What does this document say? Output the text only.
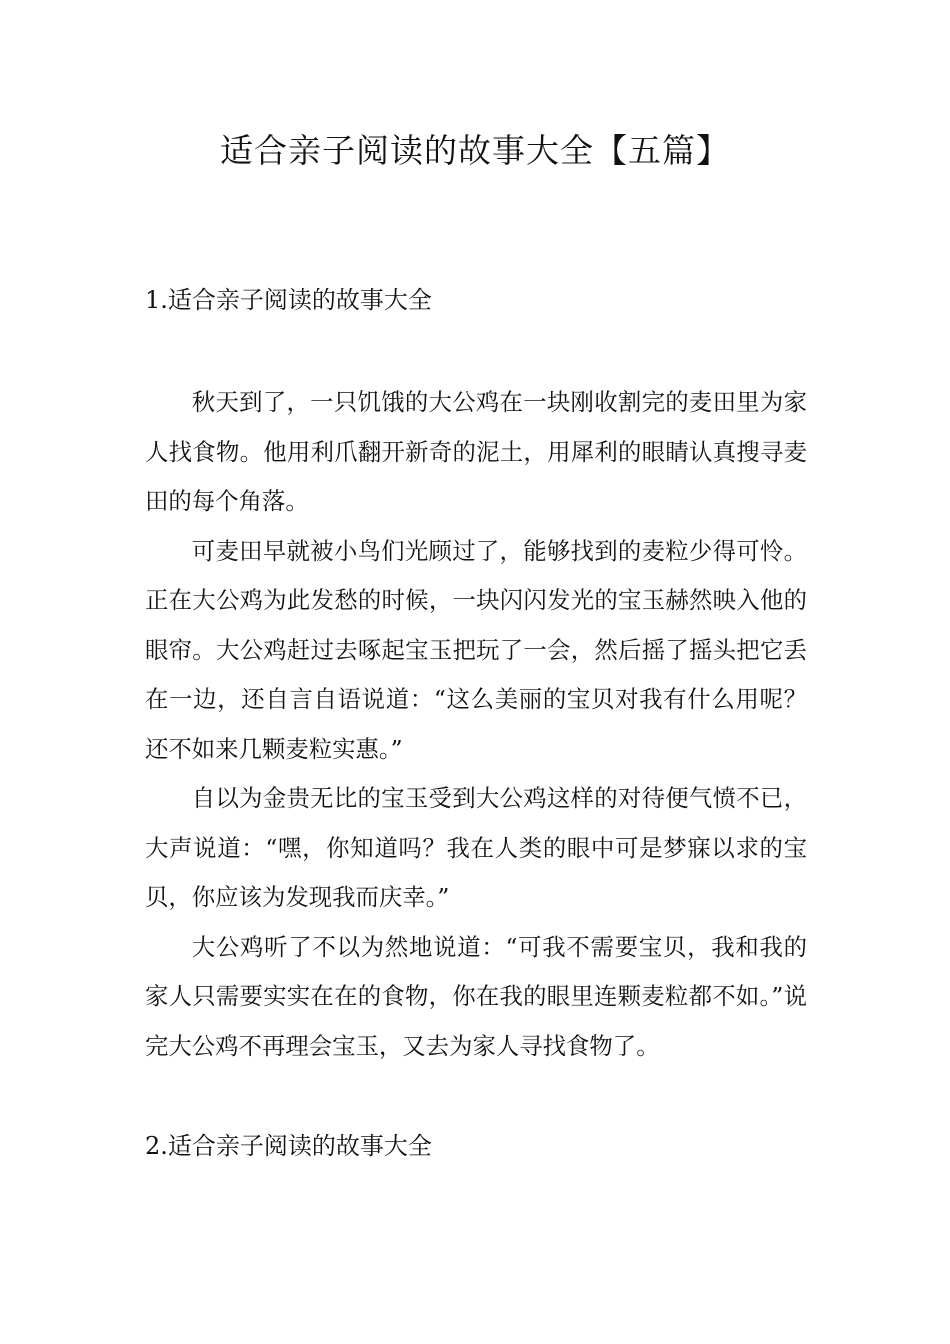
适合亲子阅读的故事大全【五篇】
1.适合亲子阅读的故事大全

秋天到了，一只饥饿的大公鸡在一块刚收割完的麦田里为家人找食物。他用利爪翻开新奇的泥土，用犀利的眼睛认真搜寻麦田的每个角落。

可麦田早就被小鸟们光顾过了，能够找到的麦粒少得可怜。正在大公鸡为此发愁的时候，一块闪闪发光的宝玉赫然映入他的眼帘。大公鸡赶过去啄起宝玉把玩了一会，然后摇了摇头把它丢在一边，还自言自语说道：“这么美丽的宝贝对我有什么用呢？还不如来几颗麦粒实惠。”

自以为金贵无比的宝玉受到大公鸡这样的对待便气愤不已，大声说道：“嘿，你知道吗？我在人类的眼中可是梦寐以求的宝贝，你应该为发现我而庆幸。”

大公鸡听了不以为然地说道：“可我不需要宝贝，我和我的家人只需要实实在在的食物，你在我的眼里连颗麦粒都不如。”说完大公鸡不再理会宝玉，又去为家人寻找食物了。

2.适合亲子阅读的故事大全
